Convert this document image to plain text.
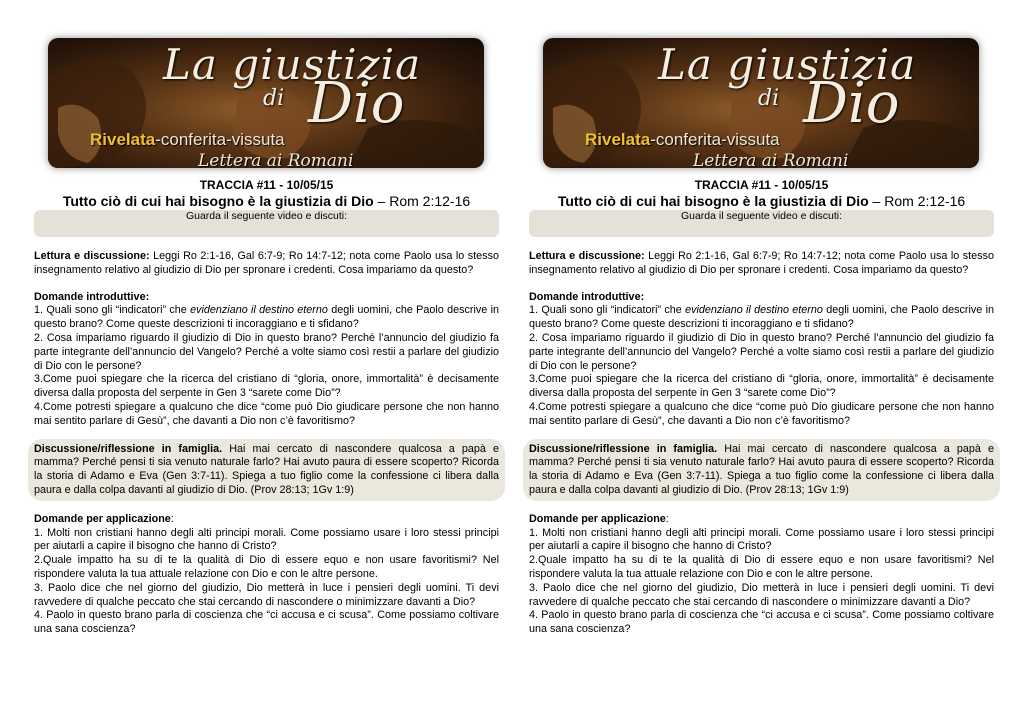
La giustizia
di Dio
Rivelata-conferita-vissuta
Lettera ai Romani
TRACCIA #11 - 10/05/15
Tutto ciò di cui hai bisogno è la giustizia di Dio – Rom 2:12-16
Guarda il seguente video e discuti:
Lettura e discussione: Leggi Ro 2:1-16, Gal 6:7-9; Ro 14:7-12; nota come Paolo usa lo stesso insegnamento relativo al giudizio di Dio per spronare i credenti. Cosa impariamo da questo?
Domande introduttive:
1. Quali sono gli “indicatori” che evidenziano il destino eterno degli uomini, che Paolo descrive in questo brano? Come queste descrizioni ti incoraggiano e ti sfidano?
2. Cosa impariamo riguardo il giudizio di Dio in questo brano? Perché l’annuncio del giudizio fa parte integrante dell’annuncio del Vangelo? Perché a volte siamo così restii a parlare del giudizio di Dio con le persone?
3.Come puoi spiegare che la ricerca del cristiano di “gloria, onore, immortalità” è decisamente diversa dalla proposta del serpente in Gen 3 “sarete come Dio”?
4.Come potresti spiegare a qualcuno che dice “come può Dio giudicare persone che non hanno mai sentito parlare di Gesù”, che davanti a Dio non c’è favoritismo?
Discussione/riflessione in famiglia. Hai mai cercato di nascondere qualcosa a papà e mamma? Perché pensi ti sia venuto naturale farlo? Hai avuto paura di essere scoperto? Ricorda la storia di Adamo e Eva (Gen 3:7-11). Spiega a tuo figlio come la confessione ci libera dalla paura e dalla colpa davanti al giudizio di Dio. (Prov 28:13; 1Gv 1:9)
Domande per applicazione:
1. Molti non cristiani hanno degli alti principi morali. Come possiamo usare i loro stessi principi per aiutarli a capire il bisogno che hanno di Cristo?
2.Quale impatto ha su di te la qualità di Dio di essere equo e non usare favoritismi? Nel rispondere valuta la tua attuale relazione con Dio e con le altre persone.
3. Paolo dice che nel giorno del giudizio, Dio metterà in luce i pensieri degli uomini. Ti devi ravvedere di qualche peccato che stai cercando di nascondere o minimizzare davanti a Dio?
4. Paolo in questo brano parla di coscienza che “ci accusa e ci scusa”. Come possiamo coltivare una sana coscienza?
La giustizia
di Dio
Rivelata-conferita-vissuta
Lettera ai Romani
TRACCIA #11 - 10/05/15
Tutto ciò di cui hai bisogno è la giustizia di Dio – Rom 2:12-16
Guarda il seguente video e discuti:
Lettura e discussione: Leggi Ro 2:1-16, Gal 6:7-9; Ro 14:7-12; nota come Paolo usa lo stesso insegnamento relativo al giudizio di Dio per spronare i credenti. Cosa impariamo da questo?
Domande introduttive:
1. Quali sono gli “indicatori” che evidenziano il destino eterno degli uomini, che Paolo descrive in questo brano? Come queste descrizioni ti incoraggiano e ti sfidano?
2. Cosa impariamo riguardo il giudizio di Dio in questo brano? Perché l’annuncio del giudizio fa parte integrante dell’annuncio del Vangelo? Perché a volte siamo così restii a parlare del giudizio di Dio con le persone?
3.Come puoi spiegare che la ricerca del cristiano di “gloria, onore, immortalità” è decisamente diversa dalla proposta del serpente in Gen 3 “sarete come Dio”?
4.Come potresti spiegare a qualcuno che dice “come può Dio giudicare persone che non hanno mai sentito parlare di Gesù”, che davanti a Dio non c’è favoritismo?
Discussione/riflessione in famiglia. Hai mai cercato di nascondere qualcosa a papà e mamma? Perché pensi ti sia venuto naturale farlo? Hai avuto paura di essere scoperto? Ricorda la storia di Adamo e Eva (Gen 3:7-11). Spiega a tuo figlio come la confessione ci libera dalla paura e dalla colpa davanti al giudizio di Dio. (Prov 28:13; 1Gv 1:9)
Domande per applicazione:
1. Molti non cristiani hanno degli alti principi morali. Come possiamo usare i loro stessi principi per aiutarli a capire il bisogno che hanno di Cristo?
2.Quale impatto ha su di te la qualità di Dio di essere equo e non usare favoritismi? Nel rispondere valuta la tua attuale relazione con Dio e con le altre persone.
3. Paolo dice che nel giorno del giudizio, Dio metterà in luce i pensieri degli uomini. Ti devi ravvedere di qualche peccato che stai cercando di nascondere o minimizzare davanti a Dio?
4. Paolo in questo brano parla di coscienza che “ci accusa e ci scusa”. Come possiamo coltivare una sana coscienza?
